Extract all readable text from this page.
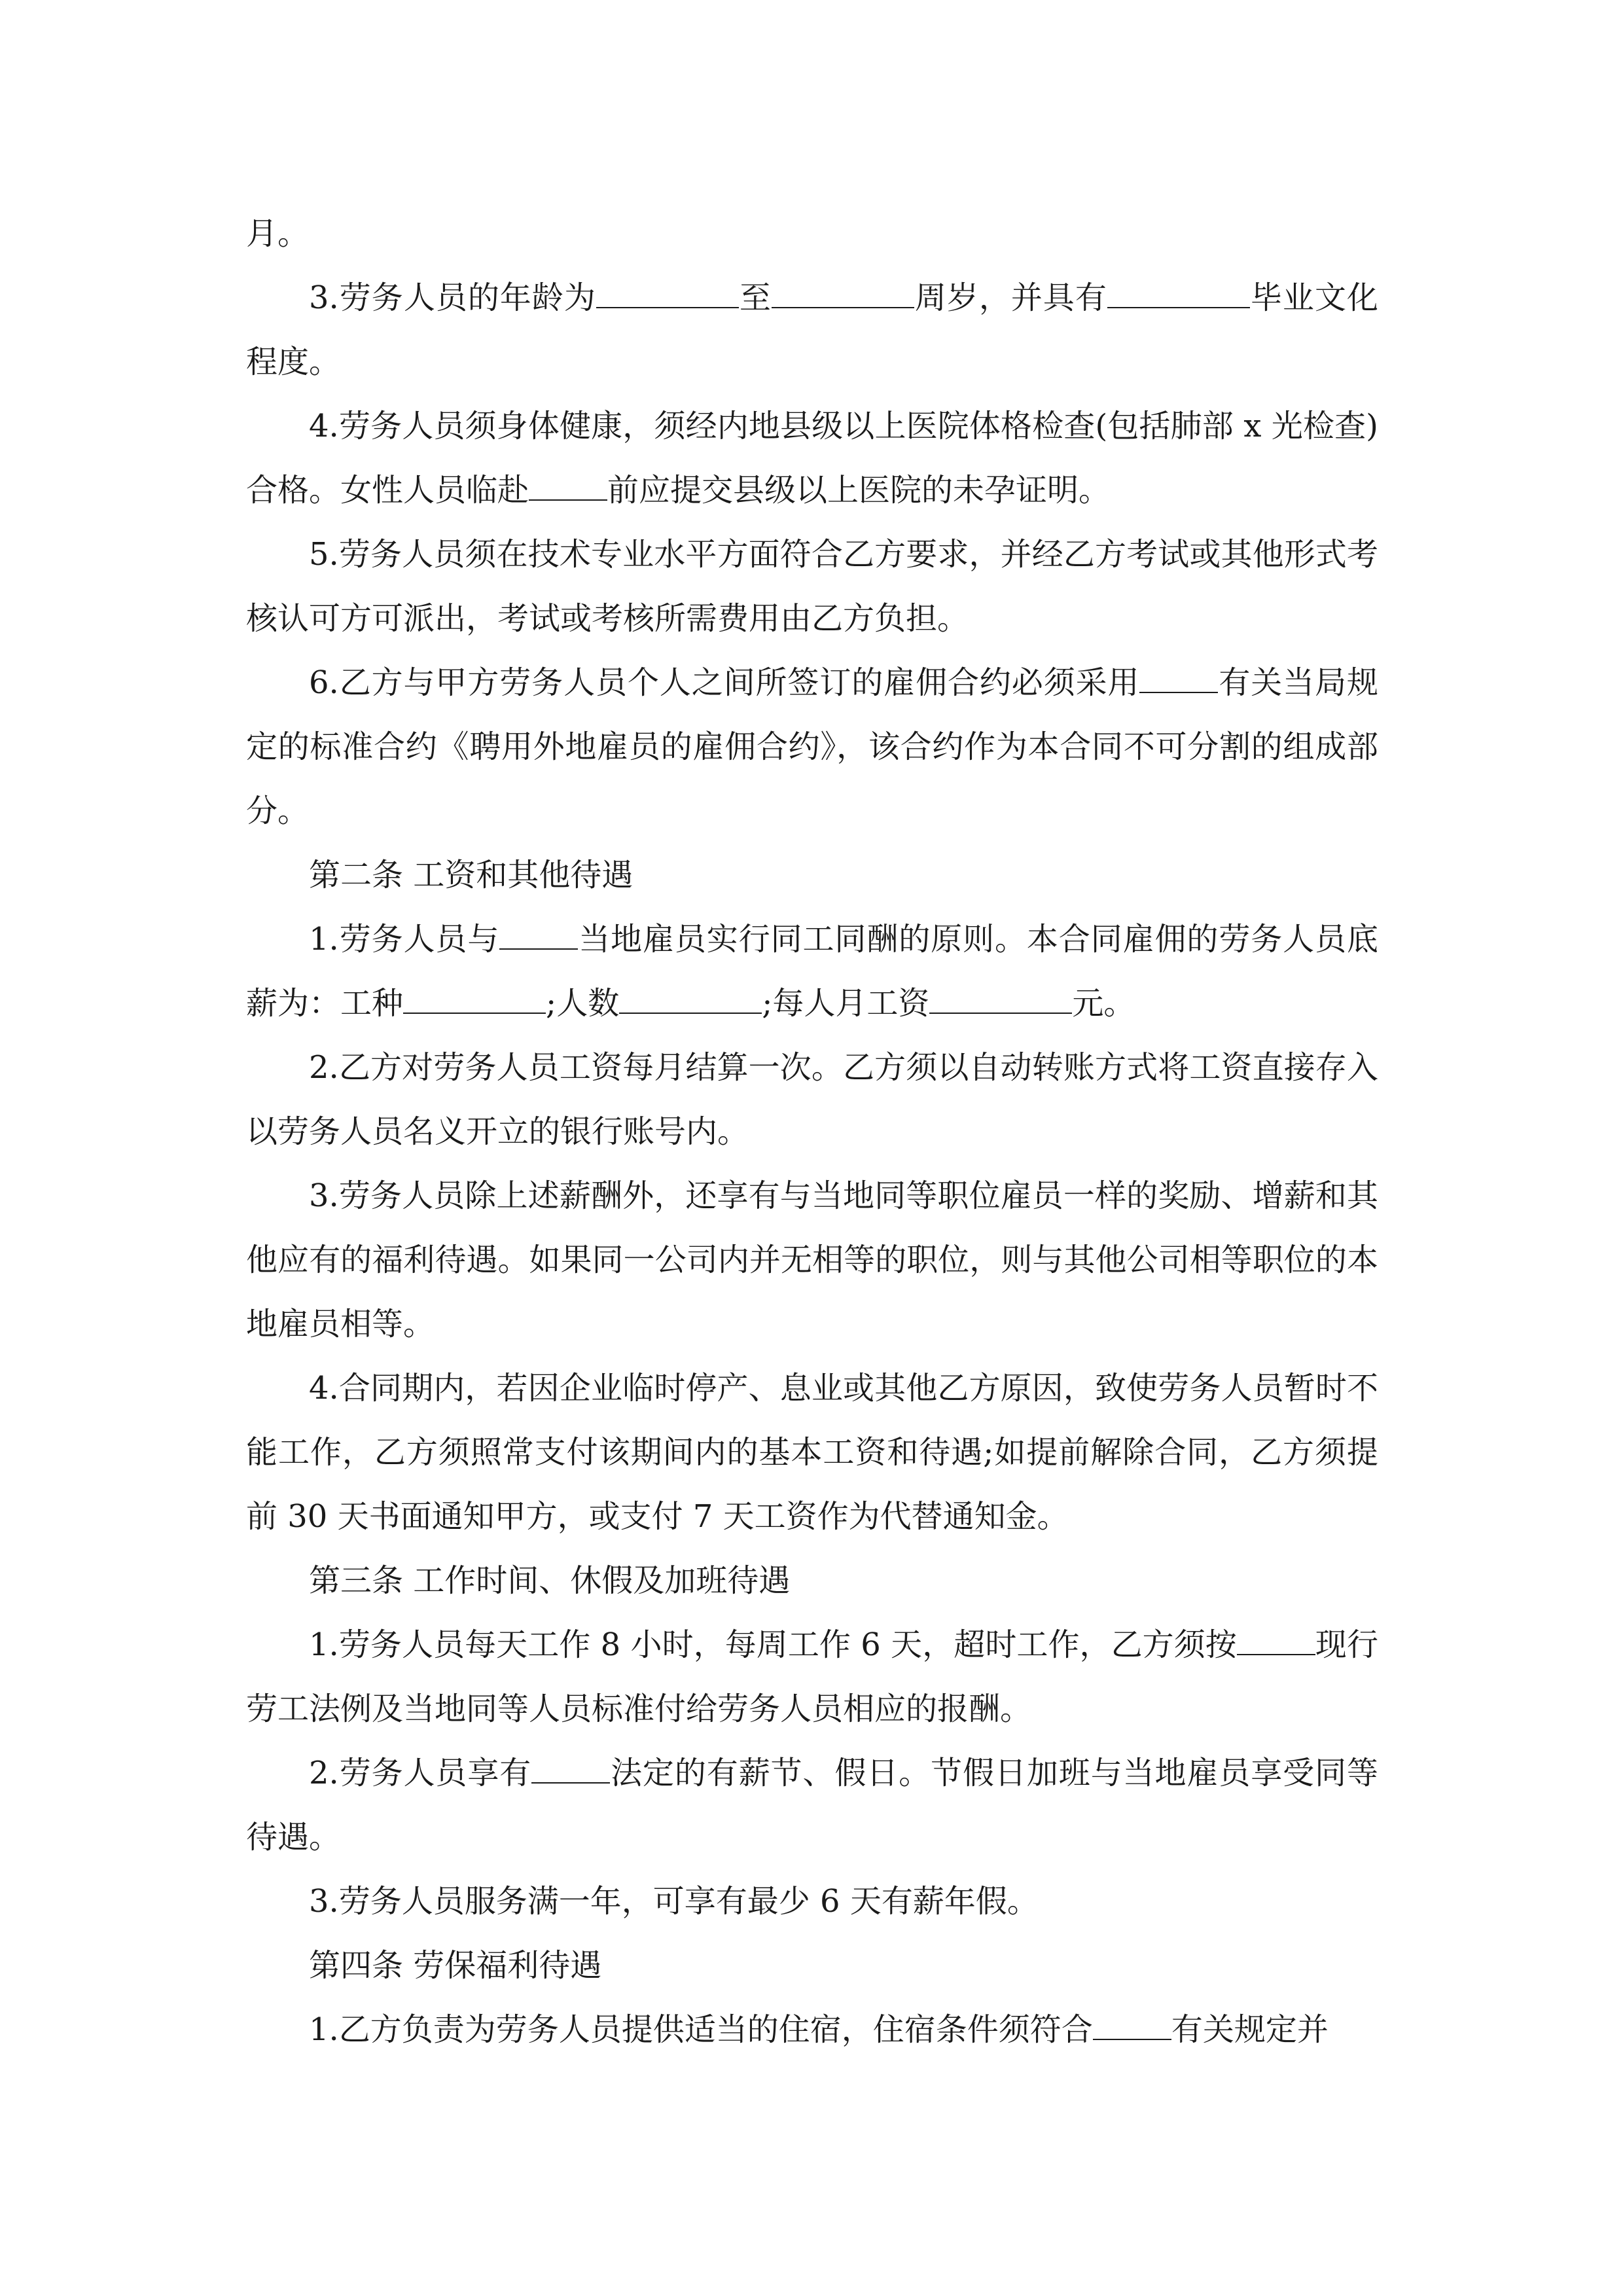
月。

3.劳务人员的年龄为	至	周岁，并具有	毕业文化程度。

4.劳务人员须身体健康，须经内地县级以上医院体格检查(包括肺部 x 光检查)合格。女性人员临赴	前应提交县级以上医院的未孕证明。

5.劳务人员须在技术专业水平方面符合乙方要求，并经乙方考试或其他形式考核认可方可派出，考试或考核所需费用由乙方负担。

6.乙方与甲方劳务人员个人之间所签订的雇佣合约必须采用	有关当局规定的标准合约《聘用外地雇员的雇佣合约》，该合约作为本合同不可分割的组成部分。

第二条 工资和其他待遇

1.劳务人员与	当地雇员实行同工同酬的原则。本合同雇佣的劳务人员底薪为：工种	;人数	;每人月工资	元。

2.乙方对劳务人员工资每月结算一次。乙方须以自动转账方式将工资直接存入以劳务人员名义开立的银行账号内。

3.劳务人员除上述薪酬外，还享有与当地同等职位雇员一样的奖励、增薪和其他应有的福利待遇。如果同一公司内并无相等的职位，则与其他公司相等职位的本地雇员相等。

4.合同期内，若因企业临时停产、息业或其他乙方原因，致使劳务人员暂时不能工作，乙方须照常支付该期间内的基本工资和待遇;如提前解除合同，乙方须提前 30 天书面通知甲方，或支付 7 天工资作为代替通知金。

第三条 工作时间、休假及加班待遇

1.劳务人员每天工作 8 小时，每周工作 6 天，超时工作，乙方须按	现行劳工法例及当地同等人员标准付给劳务人员相应的报酬。

2.劳务人员享有	法定的有薪节、假日。节假日加班与当地雇员享受同等待遇。

3.劳务人员服务满一年，可享有最少 6 天有薪年假。

第四条 劳保福利待遇

1.乙方负责为劳务人员提供适当的住宿，住宿条件须符合	有关规定并
